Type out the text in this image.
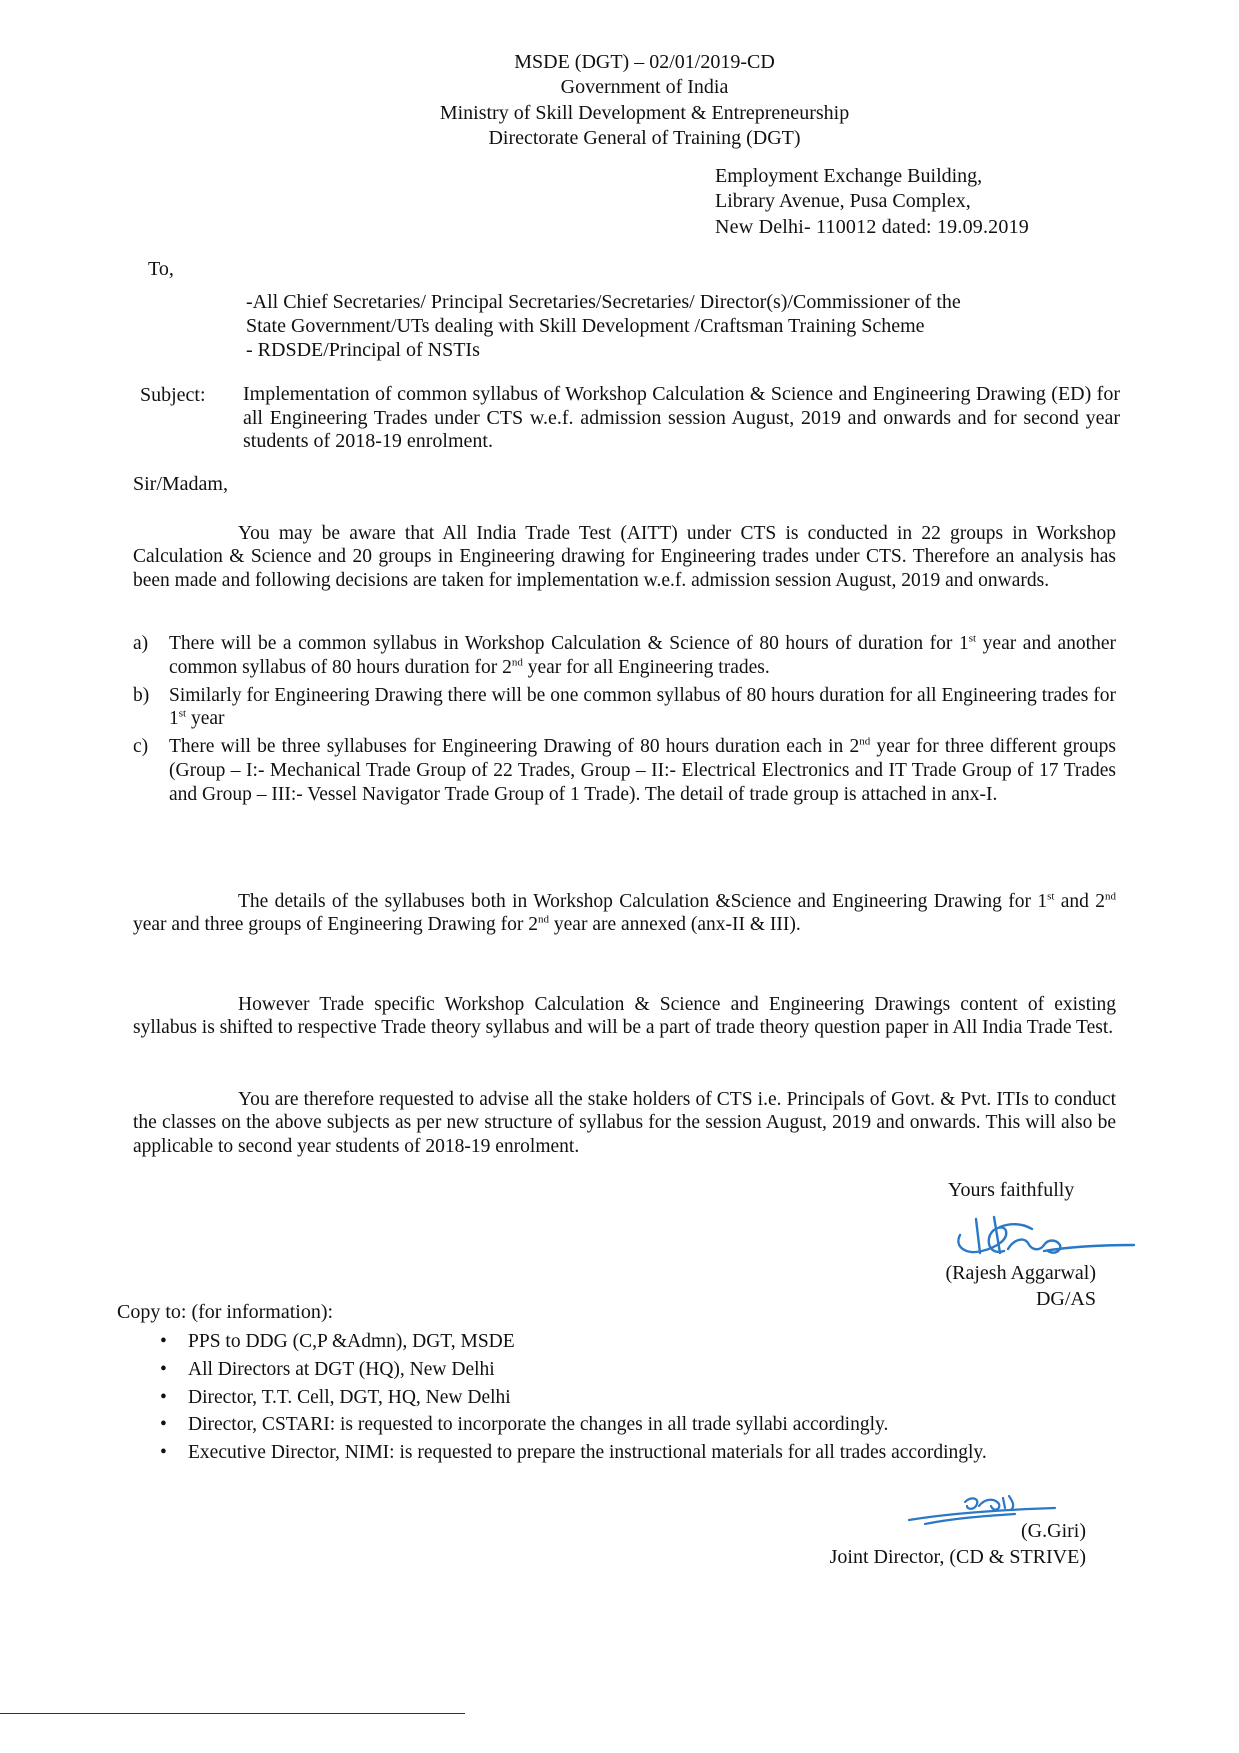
MSDE (DGT) – 02/01/2019-CD
Government of India
Ministry of Skill Development & Entrepreneurship
Directorate General of Training (DGT)
Employment Exchange Building,
Library Avenue, Pusa Complex,
New Delhi- 110012 dated: 19.09.2019
To,
-All Chief Secretaries/ Principal Secretaries/Secretaries/ Director(s)/Commissioner of the
State Government/UTs dealing with Skill Development /Craftsman Training Scheme
- RDSDE/Principal of NSTIs
Subject: Implementation of common syllabus of Workshop Calculation & Science and Engineering Drawing (ED) for all Engineering Trades under CTS w.e.f. admission session August, 2019 and onwards and for second year students of 2018-19 enrolment.
Sir/Madam,
You may be aware that All India Trade Test (AITT) under CTS is conducted in 22 groups in Workshop Calculation & Science and 20 groups in Engineering drawing for Engineering trades under CTS. Therefore an analysis has been made and following decisions are taken for implementation w.e.f. admission session August, 2019 and onwards.
a) There will be a common syllabus in Workshop Calculation & Science of 80 hours of duration for 1st year and another common syllabus of 80 hours duration for 2nd year for all Engineering trades.
b) Similarly for Engineering Drawing there will be one common syllabus of 80 hours duration for all Engineering trades for 1st year
c) There will be three syllabuses for Engineering Drawing of 80 hours duration each in 2nd year for three different groups (Group – I:- Mechanical Trade Group of 22 Trades, Group – II:- Electrical Electronics and IT Trade Group of 17 Trades and Group – III:- Vessel Navigator Trade Group of 1 Trade). The detail of trade group is attached in anx-I.
The details of the syllabuses both in Workshop Calculation &Science and Engineering Drawing for 1st and 2nd year and three groups of Engineering Drawing for 2nd year are annexed (anx-II & III).
However Trade specific Workshop Calculation & Science and Engineering Drawings content of existing syllabus is shifted to respective Trade theory syllabus and will be a part of trade theory question paper in All India Trade Test.
You are therefore requested to advise all the stake holders of CTS i.e. Principals of Govt. & Pvt. ITIs to conduct the classes on the above subjects as per new structure of syllabus for the session August, 2019 and onwards. This will also be applicable to second year students of 2018-19 enrolment.
Yours faithfully
(Rajesh Aggarwal)
DG/AS
Copy to: (for information):
• PPS to DDG (C,P &Admn), DGT, MSDE
• All Directors at DGT (HQ), New Delhi
• Director, T.T. Cell, DGT, HQ, New Delhi
• Director, CSTARI: is requested to incorporate the changes in all trade syllabi accordingly.
• Executive Director, NIMI: is requested to prepare the instructional materials for all trades accordingly.
(G.Giri)
Joint Director, (CD & STRIVE)
